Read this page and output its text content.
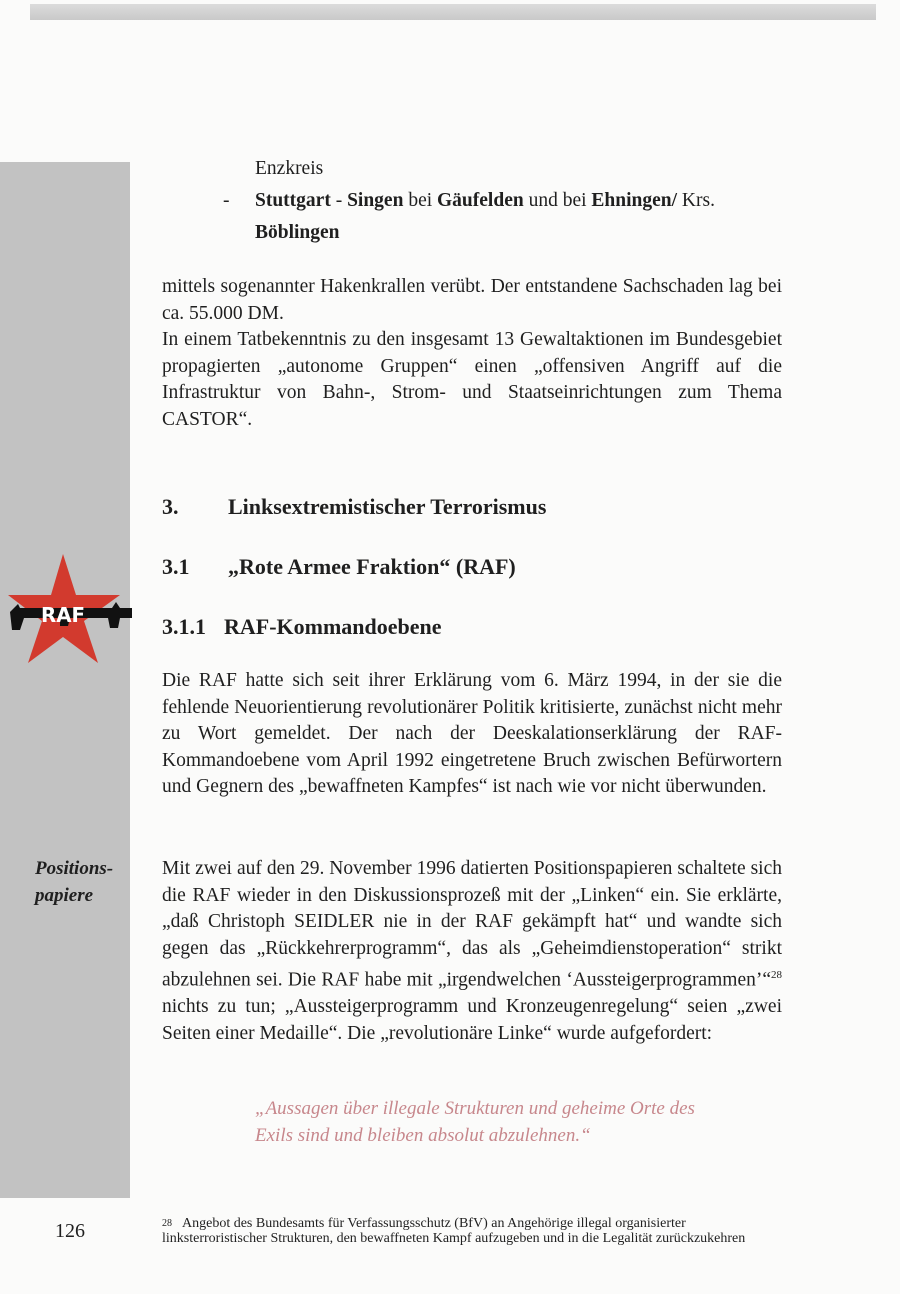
RAF
Enzkreis
- Stuttgart - Singen bei Gäufelden und bei Ehningen/ Krs.
Böblingen

mittels sogenannter Hakenkrallen verübt. Der entstandene Sachschaden lag bei ca. 55.000 DM.

In einem Tatbekenntnis zu den insgesamt 13 Gewaltaktionen im Bundesgebiet propagierten „autonome Gruppen“ einen „offensiven Angriff auf die Infrastruktur von Bahn-, Strom- und Staatseinrichtungen zum Thema CASTOR“.

3. Linksextremistischer Terrorismus
3.1 „Rote Armee Fraktion“ (RAF)
3.1.1 RAF-Kommandoebene

Die RAF hatte sich seit ihrer Erklärung vom 6. März 1994, in der sie die fehlende Neuorientierung revolutionärer Politik kritisierte, zunächst nicht mehr zu Wort gemeldet. Der nach der Deeskalationserklärung der RAF-Kommandoebene vom April 1992 eingetretene Bruch zwischen Befürwortern und Gegnern des „bewaffneten Kampfes“ ist nach wie vor nicht überwunden.

Positions-papiere

Mit zwei auf den 29. November 1996 datierten Positionspapieren schaltete sich die RAF wieder in den Diskussionsprozeß mit der „Linken“ ein. Sie erklärte, „daß Christoph SEIDLER nie in der RAF gekämpft hat“ und wandte sich gegen das „Rückkehrerprogramm“, das als „Geheimdienstoperation“ strikt abzulehnen sei. Die RAF habe mit „irgendwelchen ‘Aussteigerprogrammen’“$^{28}$ nichts zu tun; „Aussteigerprogramm und Kronzeugenregelung“ seien „zwei Seiten einer Medaille“. Die „revolutionäre Linke“ wurde aufgefordert:

„Aussagen über illegale Strukturen und geheime Orte des Exils sind und bleiben absolut abzulehnen.“

126	$^{28}$ Angebot des Bundesamts für Verfassungsschutz (BfV) an Angehörige illegal organisierter linksterroristischer Strukturen, den bewaffneten Kampf aufzugeben und in die Legalität zurückzukehren
